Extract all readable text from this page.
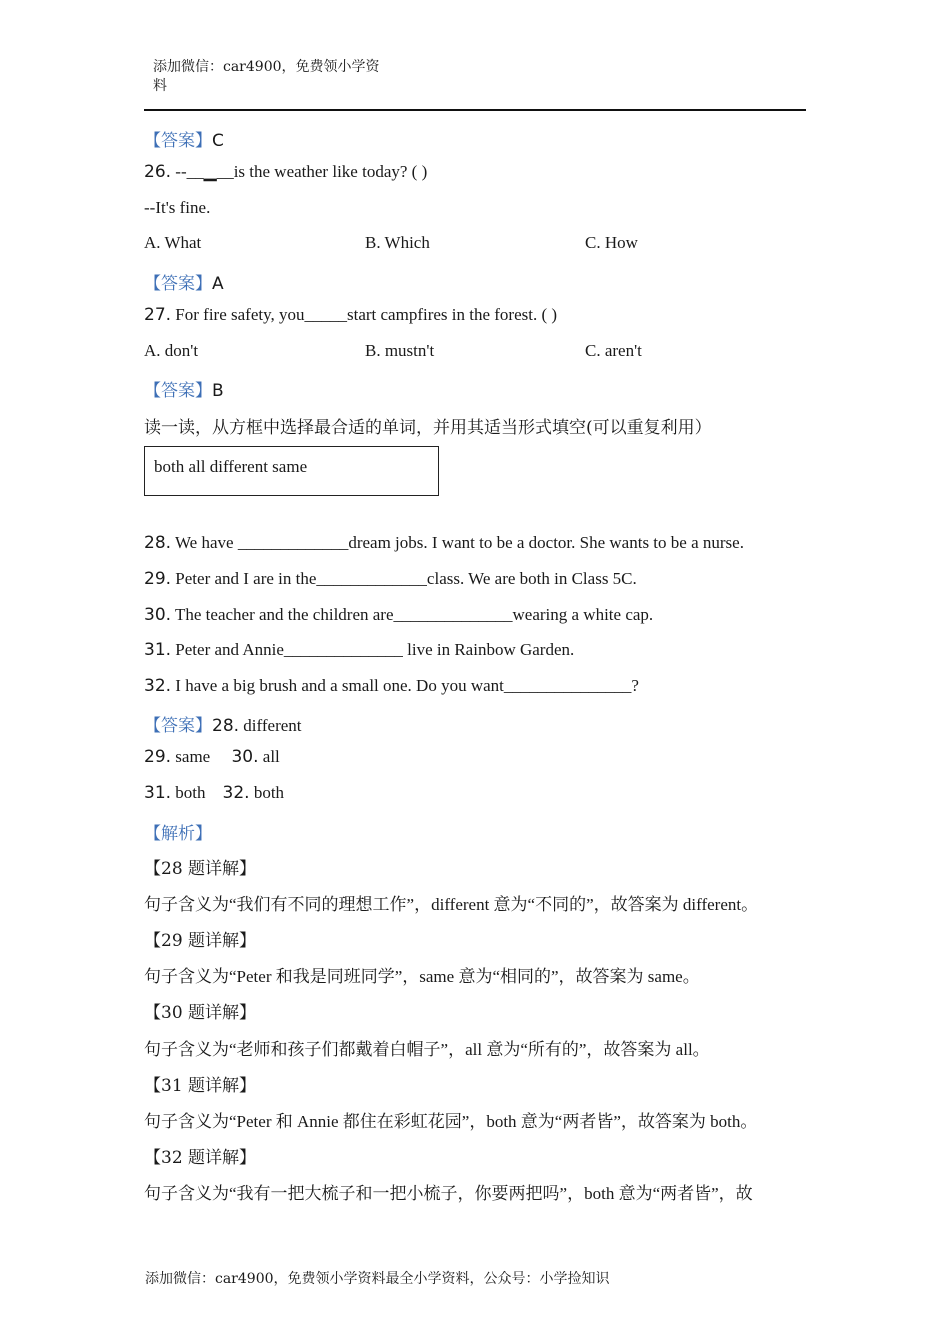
添加微信：car4900，免费领小学资
料
【答案】C
26. --__▁__is the weather like today? ( )
--It's fine.
A. What	B. Which	C. How
【答案】A
27. For fire safety, you_____start campfires in the forest. ( )
A. don't	B. mustn't	C. aren't
【答案】B
读一读，从方框中选择最合适的单词，并用其适当形式填空(可以重复利用）
both all different same
28. We have _____________dream jobs. I want to be a doctor. She wants to be a nurse.
29. Peter and I are in the_____________class. We are both in Class 5C.
30. The teacher and the children are______________wearing a white cap.
31. Peter and Annie______________ live in Rainbow Garden.
32. I have a big brush and a small one. Do you want_______________?
【答案】28. different
29. same 30. all
31. both 32. both
【解析】
【28 题详解】
句子含义为“我们有不同的理想工作”，different 意为“不同的”，故答案为 different。
【29 题详解】
句子含义为“Peter 和我是同班同学”，same 意为“相同的”，故答案为 same。
【30 题详解】
句子含义为“老师和孩子们都戴着白帽子”，all 意为“所有的”，故答案为 all。
【31 题详解】
句子含义为“Peter 和 Annie 都住在彩虹花园”，both 意为“两者皆”，故答案为 both。
【32 题详解】
句子含义为“我有一把大梳子和一把小梳子，你要两把吗”，both 意为“两者皆”，故
添加微信：car4900，免费领小学资料最全小学资料，公众号：小学捡知识
